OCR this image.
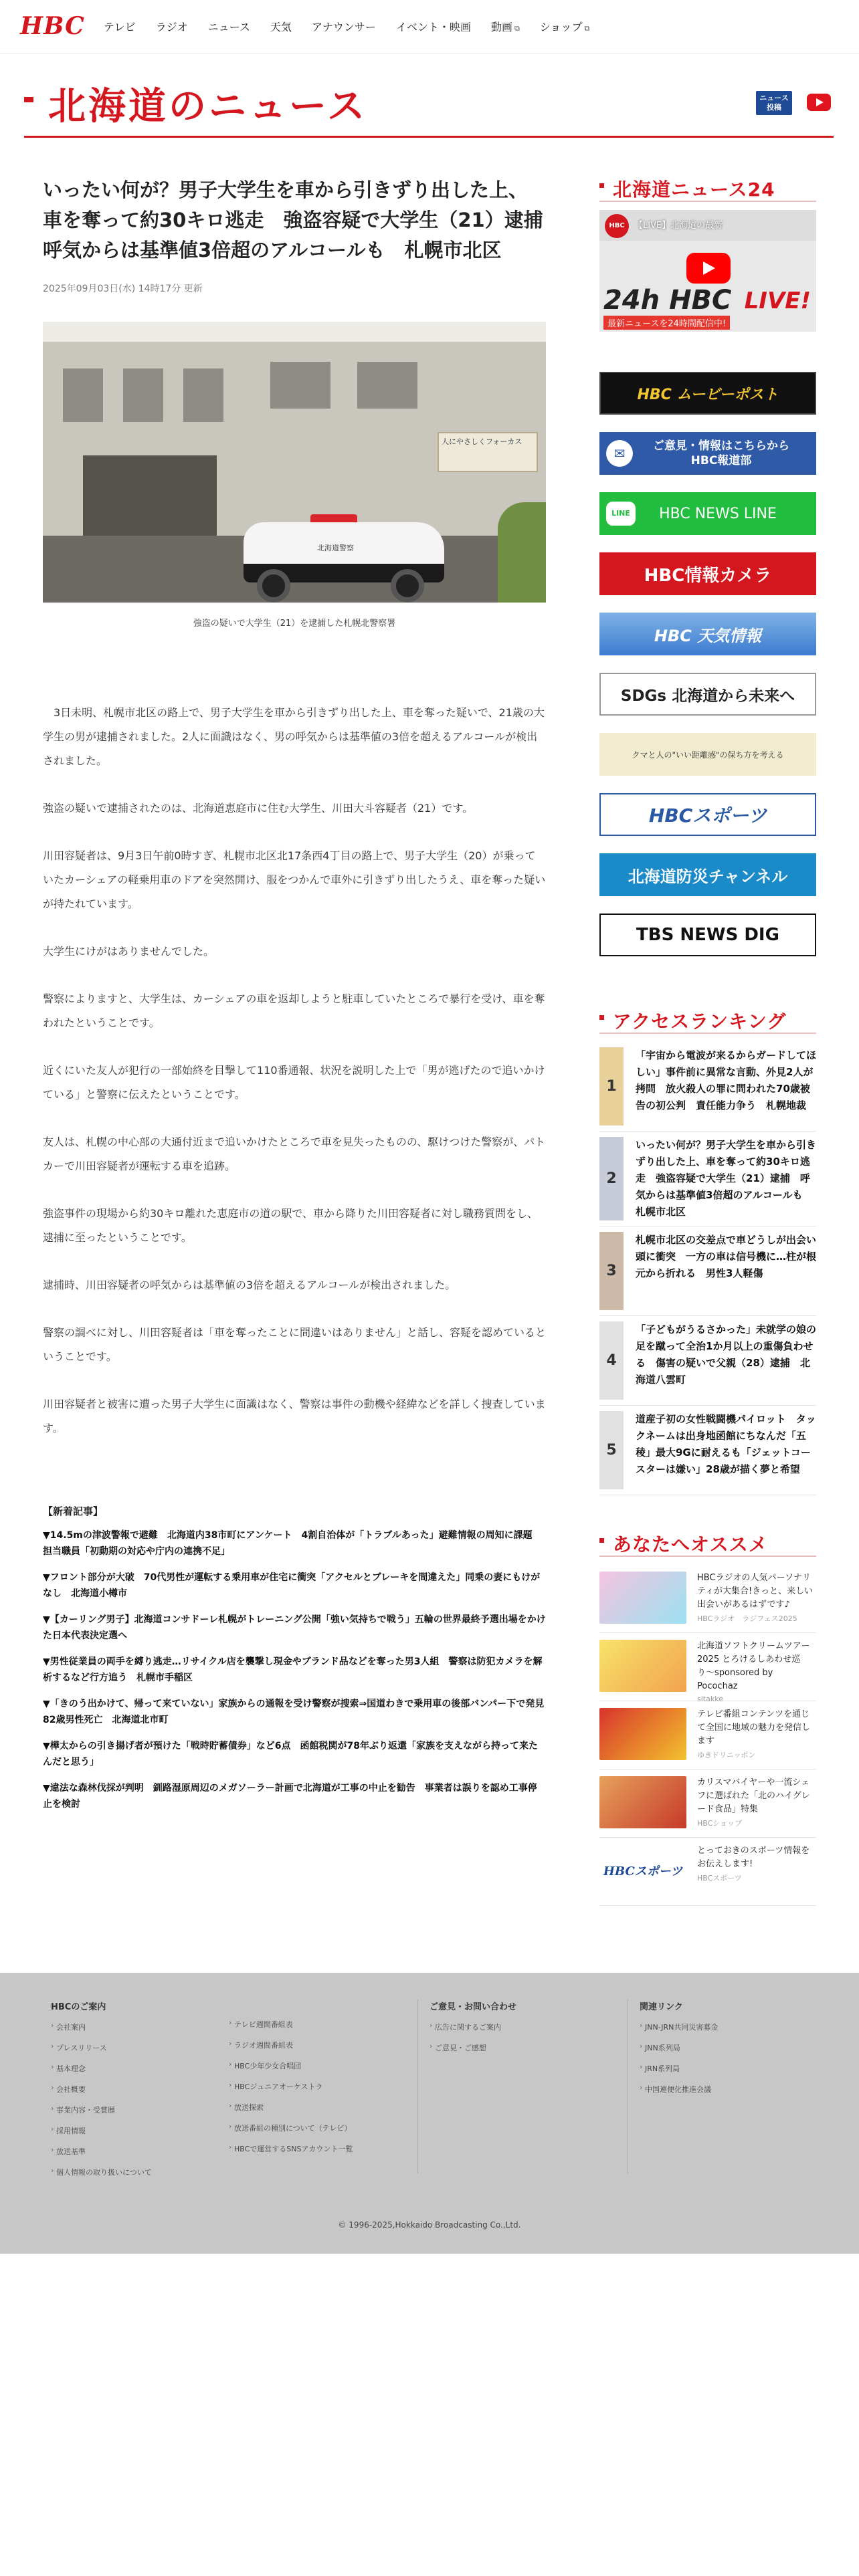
HBC テレビ ラジオ ニュース 天気 アナウンサー イベント・映画 動画 ⧉ ショップ ⧉
北海道のニュース	ニュース
投稿
いったい何が？男子大学生を車から引きずり出した上、車を奪って約30キロ逃走　強盗容疑で大学生（21）逮捕　呼気からは基準値3倍超のアルコールも　札幌市北区
2025年09月03日(水) 14時17分 更新
人にやさしくフォーカス
北海道警察
強盗の疑いで大学生（21）を逮捕した札幌北警察署

　3日未明、札幌市北区の路上で、男子大学生を車から引きずり出した上、車を奪った疑いで、21歳の大学生の男が逮捕されました。2人に面識はなく、男の呼気からは基準値の3倍を超えるアルコールが検出されました。

強盗の疑いで逮捕されたのは、北海道恵庭市に住む大学生、川田大斗容疑者（21）です。

川田容疑者は、9月3日午前0時すぎ、札幌市北区北17条西4丁目の路上で、男子大学生（20）が乗っていたカーシェアの軽乗用車のドアを突然開け、服をつかんで車外に引きずり出したうえ、車を奪った疑いが持たれています。

大学生にけがはありませんでした。

警察によりますと、大学生は、カーシェアの車を返却しようと駐車していたところで暴行を受け、車を奪われたということです。

近くにいた友人が犯行の一部始終を目撃して110番通報、状況を説明した上で「男が逃げたので追いかけている」と警察に伝えたということです。

友人は、札幌の中心部の大通付近まで追いかけたところで車を見失ったものの、駆けつけた警察が、パトカーで川田容疑者が運転する車を追跡。

強盗事件の現場から約30キロ離れた恵庭市の道の駅で、車から降りた川田容疑者に対し職務質問をし、逮捕に至ったということです。

逮捕時、川田容疑者の呼気からは基準値の3倍を超えるアルコールが検出されました。

警察の調べに対し、川田容疑者は「車を奪ったことに間違いはありません」と話し、容疑を認めているということです。

川田容疑者と被害に遭った男子大学生に面識はなく、警察は事件の動機や経緯などを詳しく捜査しています。

【新着記事】
▼14.5mの津波警報で避難　北海道内38市町にアンケート　4割自治体が「トラブルあった」避難情報の周知に課題　担当職員「初動期の対応や庁内の連携不足」
▼フロント部分が大破　70代男性が運転する乗用車が住宅に衝突「アクセルとブレーキを間違えた」同乗の妻にもけがなし　北海道小樽市
▼【カーリング男子】北海道コンサドーレ札幌がトレーニング公開「強い気持ちで戦う」五輪の世界最終予選出場をかけた日本代表決定選へ
▼男性従業員の両手を縛り逃走…リサイクル店を襲撃し現金やブランド品などを奪った男3人組　警察は防犯カメラを解析するなど行方追う　札幌市手稲区
▼「きのう出かけて、帰って来ていない」家族からの通報を受け警察が捜索⇒国道わきで乗用車の後部バンパー下で発見　82歳男性死亡　北海道北市町
▼樺太からの引き揚げ者が預けた「戦時貯蓄債券」など6点　函館税関が78年ぶり返還「家族を支えながら持って来たんだと思う」
▼違法な森林伐採が判明　釧路湿原周辺のメガソーラー計画で北海道が工事の中止を勧告　事業者は誤りを認め工事停止を検討
北海道ニュース24
HBC	【LIVE】北海道の最新
24h HBC LIVE!
最新ニュースを24時間配信中!
HBC ムービーポスト
✉	ご意見・情報はこちらから
HBC報道部
LINE	HBC NEWS LINE
HBC情報カメラ
HBC 天気情報
SDGs 北海道から未来へ
クマと人の"いい距離感"の保ち方を考える
HBCスポーツ
北海道防災チャンネル
TBS NEWS DIG
アクセスランキング
1
「宇宙から電波が来るからガードしてほしい」事件前に異常な言動、外見2人が拷問　放火殺人の罪に問われた70歳被告の初公判　責任能力争う　札幌地裁
2
いったい何が？男子大学生を車から引きずり出した上、車を奪って約30キロ逃走　強盗容疑で大学生（21）逮捕　呼気からは基準値3倍超のアルコールも　札幌市北区
3
札幌市北区の交差点で車どうしが出会い頭に衝突　一方の車は信号機に…柱が根元から折れる　男性3人軽傷
4
「子どもがうるさかった」未就学の娘の足を蹴って全治1か月以上の重傷負わせる　傷害の疑いで父親（28）逮捕　北海道八雲町
5
道産子初の女性戦闘機パイロット　タックネームは出身地函館にちなんだ「五稜」最大9Gに耐えるも「ジェットコースターは嫌い」28歳が描く夢と希望
あなたへオススメ
HBCラジオの人気パーソナリティが大集合!きっと、来しい出会いがあるはずです♪
HBCラジオ　ラジフェス2025
北海道ソフトクリームツアー2025 とろけるしあわせ巡り〜sponsored by Pocochaz
sitakke
テレビ番組コンテンツを通じて全国に地域の魅力を発信します
ゆきドリニッポン
カリスマバイヤーや一流シェフに選ばれた「北のハイグレード食品」特集
HBCショップ
HBCスポーツ
とっておきのスポーツ情報をお伝えします!
HBCスポーツ
HBCのご案内
› 会社案内
› プレスリリース
› 基本理念
› 会社概要
› 事業内容・受賞歴
› 採用情報
› 放送基準
› 個人情報の取り扱いについて
› テレビ週間番組表
› ラジオ週間番組表
› HBC少年少女合唱団
› HBCジュニアオーケストラ
› 放送探索
› 放送番組の種別について（テレビ）
› HBCで運営するSNSアカウント一覧
ご意見・お問い合わせ
› 広告に関するご案内
› ご意見・ご感想
関連リンク
› JNN-JRN共同災害募金
› JNN系列局
› JRN系列局
› 中国連便化推進会議
© 1996-2025,Hokkaido Broadcasting Co.,Ltd.
